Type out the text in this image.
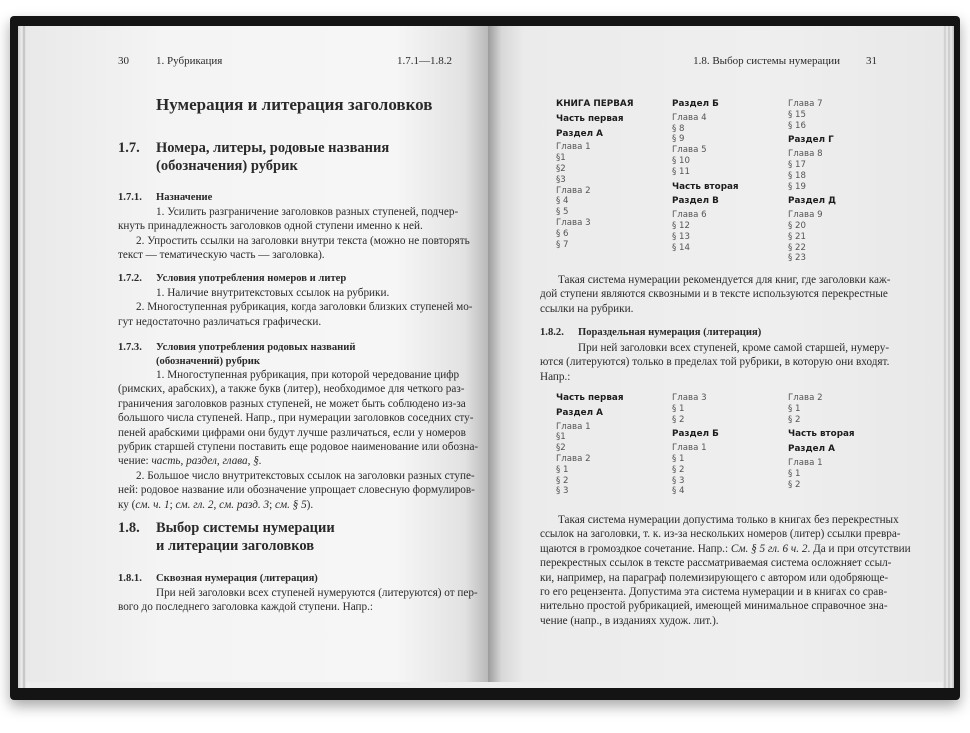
30 1. Рубрикация	1.7.1—1.8.2
Нумерация и литерация заголовков
1.7. Номера, литеры, родовые названия
(обозначения) рубрик
1.7.1. Назначение
1. Усилить разграничение заголовков разных ступеней, подчер-
кнуть принадлежность заголовков одной ступени именно к ней.
2. Упростить ссылки на заголовки внутри текста (можно не повторять
текст — тематическую часть — заголовка).
1.7.2. Условия употребления номеров и литер
1. Наличие внутритекстовых ссылок на рубрики.
2. Многоступенная рубрикация, когда заголовки близких ступеней мо-
гут недостаточно различаться графически.
1.7.3. Условия употребления родовых названий
(обозначений) рубрик
1. Многоступенная рубрикация, при которой чередование цифр
(римских, арабских), а также букв (литер), необходимое для четкого раз-
граничения заголовков разных ступеней, не может быть соблюдено из-за
большого числа ступеней. Напр., при нумерации заголовков соседних сту-
пеней арабскими цифрами они будут лучше различаться, если у номеров
рубрик старшей ступени поставить еще родовое наименование или обозна-
чение: часть, раздел, глава, §.
2. Большое число внутритекстовых ссылок на заголовки разных ступе-
ней: родовое название или обозначение упрощает словесную формулиров-
ку (см. ч. 1; см. гл. 2, см. разд. 3; см. § 5).
1.8. Выбор системы нумерации
и литерации заголовков
1.8.1. Сквозная нумерация (литерация)
При ней заголовки всех ступеней нумеруются (литеруются) от пер-
вого до последнего заголовка каждой ступени. Напр.:
1.8. Выбор системы нумерации 31
КНИГА ПЕРВАЯ
Часть первая
Раздел А
Глава 1
§1
§2
§3
Глава 2
§ 4
§ 5
Глава 3
§ 6
§ 7
Раздел Б
Глава 4
§ 8
§ 9
Глава 5
§ 10
§ 11
Часть вторая
Раздел В
Глава 6
§ 12
§ 13
§ 14
Глава 7
§ 15
§ 16
Раздел Г
Глава 8
§ 17
§ 18
§ 19
Раздел Д
Глава 9
§ 20
§ 21
§ 22
§ 23
Такая система нумерации рекомендуется для книг, где заголовки каж-
дой ступени являются сквозными и в тексте используются перекрестные
ссылки на рубрики.
1.8.2. Пораздельная нумерация (литерация)
При ней заголовки всех ступеней, кроме самой старшей, нумеру-
ются (литеруются) только в пределах той рубрики, в которую они входят.
Напр.:
Часть первая
Раздел А
Глава 1
§1
§2
Глава 2
§ 1
§ 2
§ 3
Глава 3
§ 1
§ 2
Раздел Б
Глава 1
§ 1
§ 2
§ 3
§ 4
Глава 2
§ 1
§ 2
Часть вторая
Раздел А
Глава 1
§ 1
§ 2
Такая система нумерации допустима только в книгах без перекрестных
ссылок на заголовки, т. к. из-за нескольких номеров (литер) ссылки превра-
щаются в громоздкое сочетание. Напр.: См. § 5 гл. 6 ч. 2. Да и при отсутствии
перекрестных ссылок в тексте рассматриваемая система осложняет ссыл-
ки, например, на параграф полемизирующего с автором или одобряюще-
го его рецензента. Допустима эта система нумерации и в книгах со срав-
нительно простой рубрикацией, имеющей минимальное справочное зна-
чение (напр., в изданиях худож. лит.).
